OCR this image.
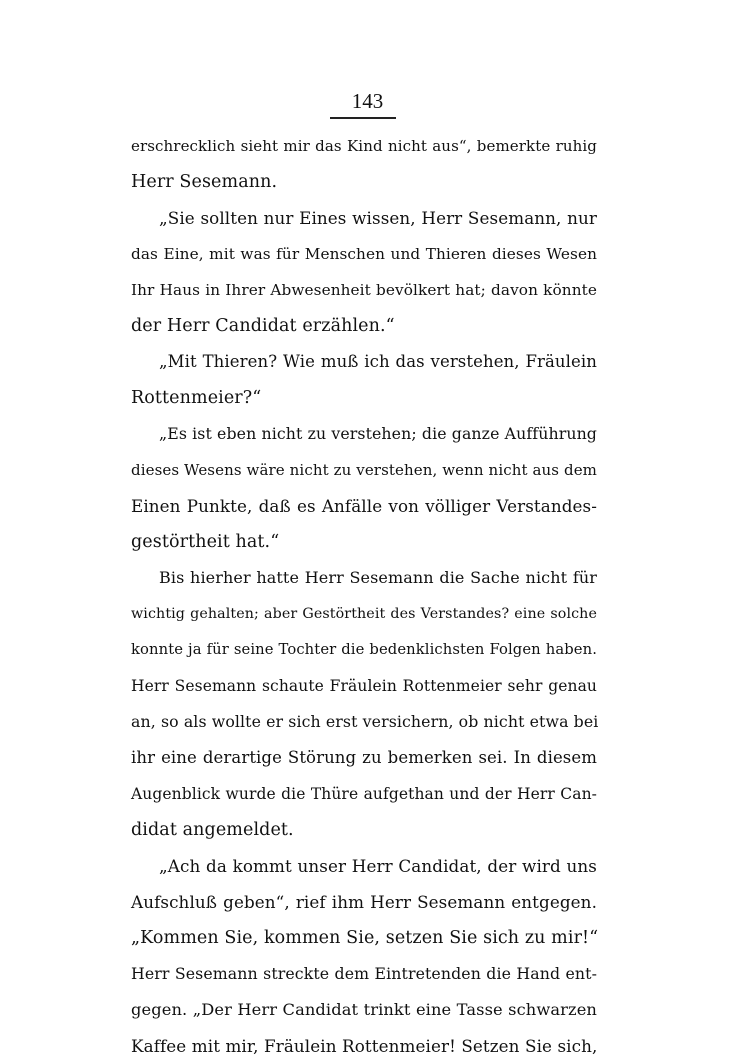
143
erschrecklich sieht mir das Kind nicht aus“, bemerkte ruhig
Herr Sesemann.
„Sie sollten nur Eines wissen, Herr Sesemann, nur
das Eine, mit was für Menschen und Thieren dieses Wesen
Ihr Haus in Ihrer Abwesenheit bevölkert hat; davon könnte
der Herr Candidat erzählen.“
„Mit Thieren? Wie muß ich das verstehen, Fräulein
Rottenmeier?“
„Es ist eben nicht zu verstehen; die ganze Aufführung
dieses Wesens wäre nicht zu verstehen, wenn nicht aus dem
Einen Punkte, daß es Anfälle von völliger Verstandes-
gestörtheit hat.“
Bis hierher hatte Herr Sesemann die Sache nicht für
wichtig gehalten; aber Gestörtheit des Verstandes? eine solche
konnte ja für seine Tochter die bedenklichsten Folgen haben.
Herr Sesemann schaute Fräulein Rottenmeier sehr genau
an, so als wollte er sich erst versichern, ob nicht etwa bei
ihr eine derartige Störung zu bemerken sei. In diesem
Augenblick wurde die Thüre aufgethan und der Herr Can-
didat angemeldet.
„Ach da kommt unser Herr Candidat, der wird uns
Aufschluß geben“, rief ihm Herr Sesemann entgegen.
„Kommen Sie, kommen Sie, setzen Sie sich zu mir!“
Herr Sesemann streckte dem Eintretenden die Hand ent-
gegen. „Der Herr Candidat trinkt eine Tasse schwarzen
Kaffee mit mir, Fräulein Rottenmeier! Setzen Sie sich,
